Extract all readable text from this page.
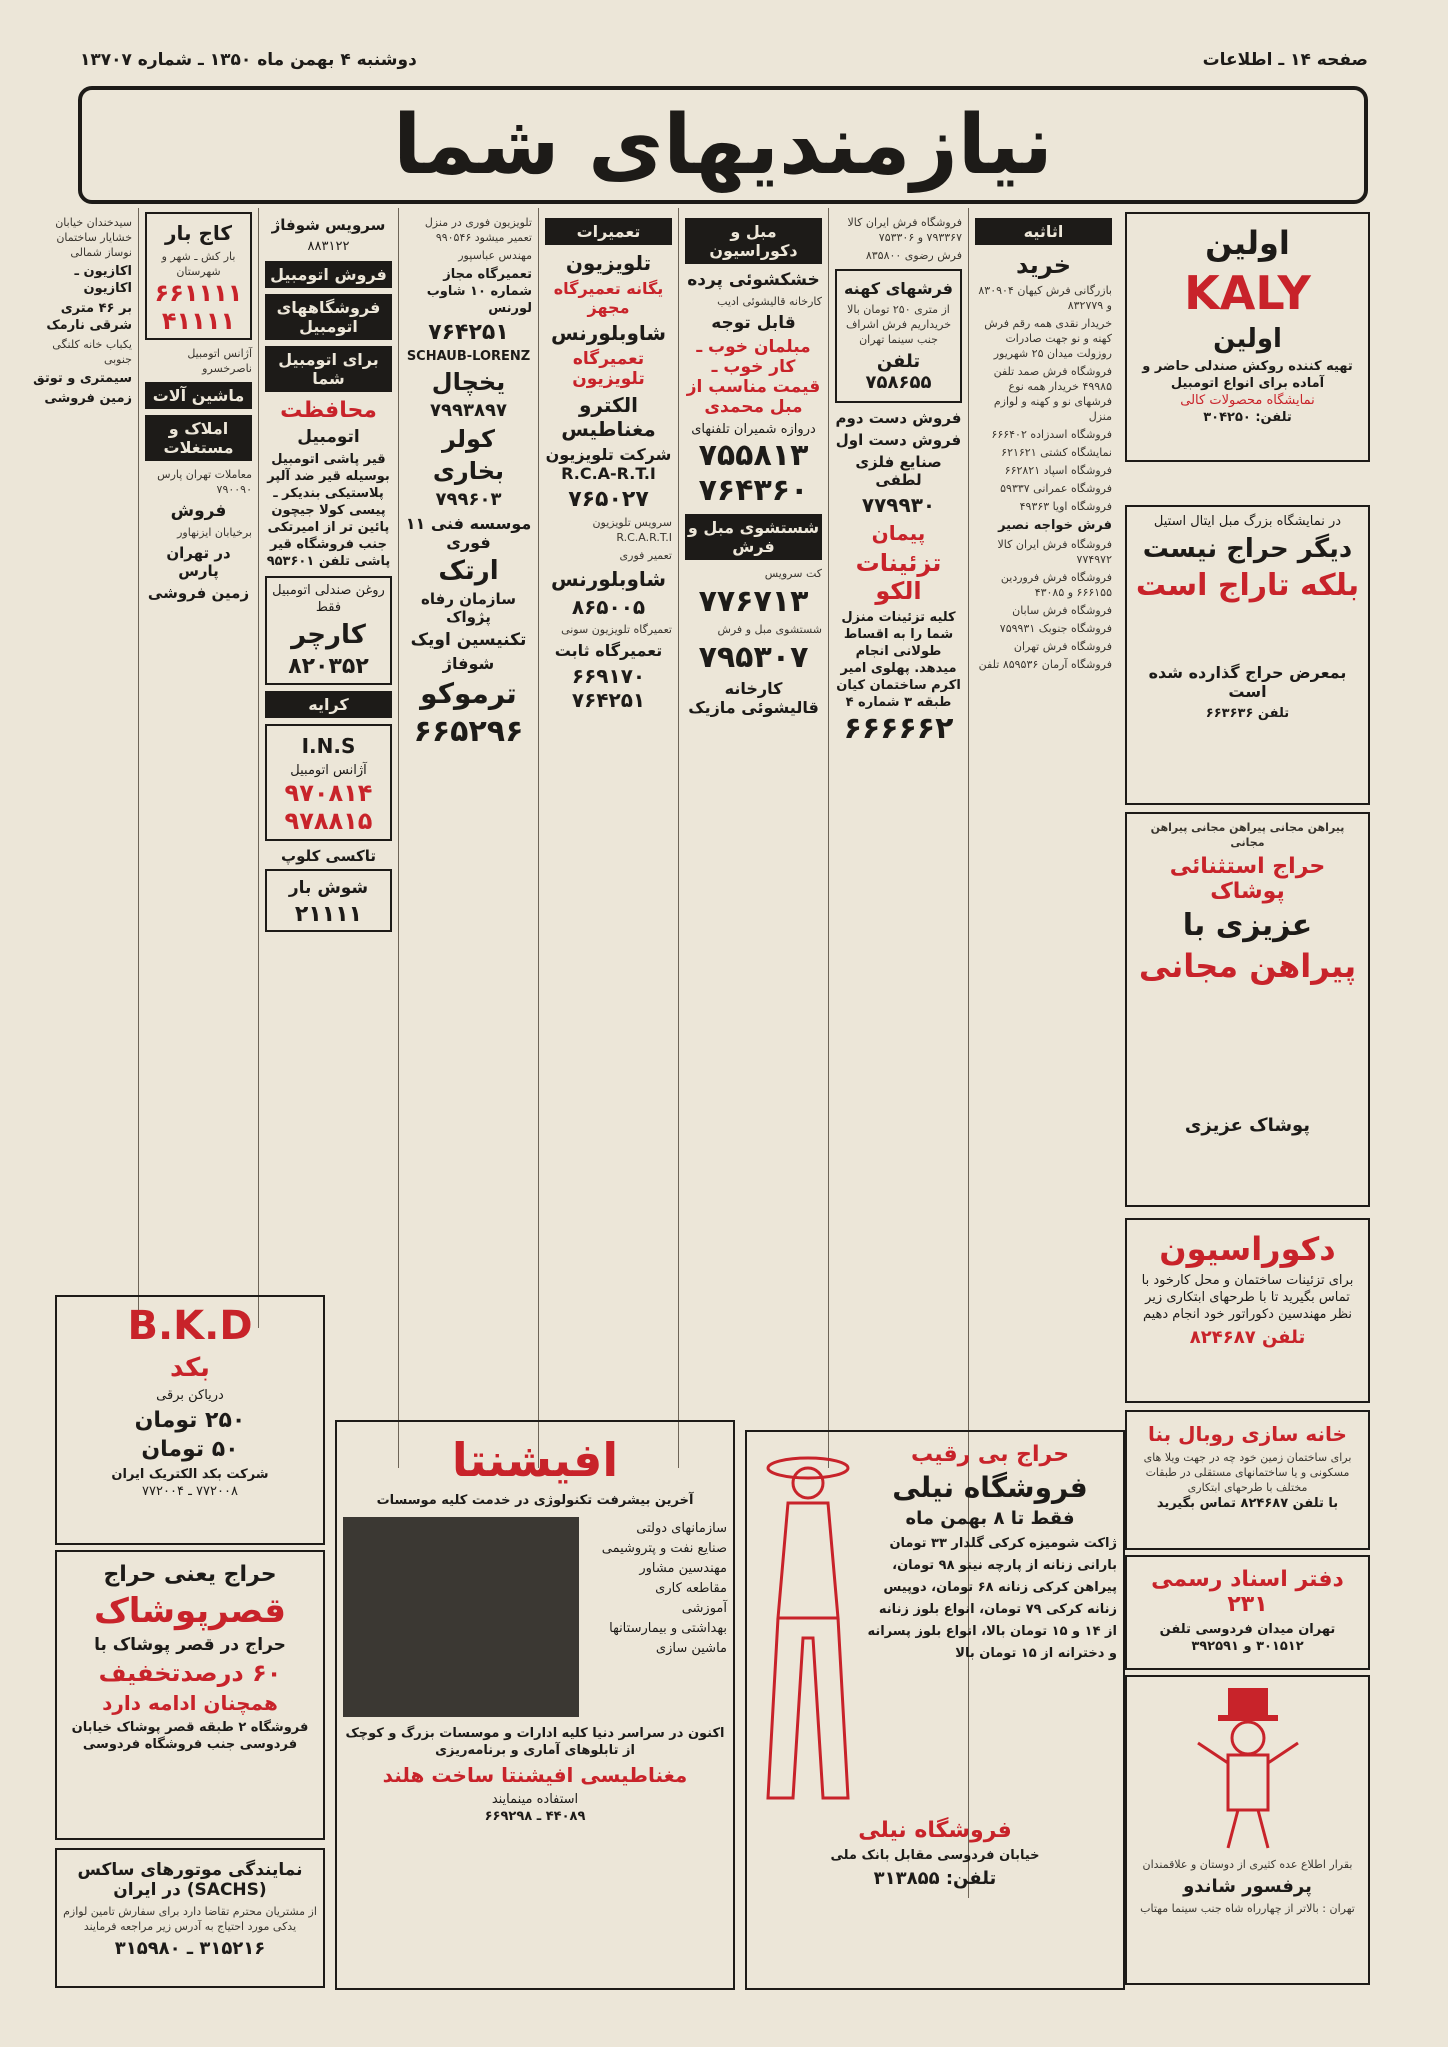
صفحه ۱۴ ـ اطلاعات
دوشنبه ۴ بهمن ماه ۱۳۵۰ ـ شماره ۱۳۷۰۷
نیازمندیهای شما
اولین
KALY
اولین
تهیه کننده روکش صندلی حاضر و آماده برای انواع اتومبیل
نمایشگاه محصولات کالی
تلفن: ۳۰۴۲۵۰
در نمایشگاه بزرگ مبل ایتال استیل
دیگر حراج نیست
بلکه تاراج است
بمعرض حراج گذارده شده است
تلفن ۶۶۳۶۳۶
پیراهن مجانی پیراهن مجانی پیراهن مجانی
حراج استثنائی پوشاک
عزیزی با
پیراهن مجانی
پوشاک عزیزی
دکوراسیون
برای تزئینات ساختمان و محل کارخود با تماس بگیرید تا با طرحهای ابتکاری زیر نظر مهندسین دکوراتور خود انجام دهیم
تلفن ۸۲۴۶۸۷
خانه سازی روبال بنا
برای ساختمان زمین خود چه در جهت ویلا های مسکونی و یا ساختمانهای مستقلی در طبقات مختلف با طرحهای ابتکاری
با تلفن ۸۲۴۶۸۷ تماس بگیرید
دفتر اسناد رسمی ۲۳۱
تهران میدان فردوسی تلفن
۳۰۱۵۱۲ و ۳۹۲۵۹۱
بقرار اطلاع عده کثیری از دوستان و علاقمندان
پرفسور شاندو
تهران : بالاتر از چهارراه شاه جنب سینما مهتاب
اثاثیه
خرید

بازرگانی فرش کیهان ۸۳۰۹۰۴ و ۸۳۲۷۷۹

خریدار نقدی همه رقم فرش کهنه و نو جهت صادرات روزولت میدان ۲۵ شهریور

فروشگاه فرش صمد تلفن ۴۹۹۸۵ خریدار همه نوع فرشهای نو و کهنه و لوازم منزل

فروشگاه اسدزاده ۶۶۶۴۰۲

نمایشگاه کشتی ۶۲۱۶۲۱

فروشگاه اسپاد ۶۶۲۸۲۱

فروشگاه عمرانی ۵۹۳۳۷

فروشگاه اویا ۴۹۳۶۳

فرش خواجه نصیر

فروشگاه فرش ایران کالا ۷۷۴۹۷۲

فروشگاه فرش فروردین ۶۶۶۱۵۵ و ۴۳۰۸۵

فروشگاه فرش سابان

فروشگاه جنوبک ۷۵۹۹۳۱

فروشگاه فرش تهران

فروشگاه آرمان ۸۵۹۵۳۶ تلفن

فروشگاه فرش ایران کالا ۷۹۳۳۶۷ و ۷۵۳۳۰۶

فرش رضوی ۸۳۵۸۰۰

فرشهای کهنه
از متری ۲۵۰ تومان بالا خریداریم فرش اشراف جنب سینما تهران
تلفن ۷۵۸۶۵۵
فروش دست دوم
فروش دست اول
صنایع فلزی لطفی
۷۷۹۹۳۰
پیمان
تزئینات الکو
کلیه تزئینات منزل شما را به اقساط طولانی انجام میدهد. پهلوی امیر اکرم ساختمان کیان طبقه ۳ شماره ۴
۶۶۶۶۶۲
مبل و دکوراسیون
خشکشوئی پرده

کارخانه قالیشوئی ادیب

قابل توجه
مبلمان خوب ـ کار خوب ـ قیمت مناسب از مبل محمدی
دروازه شمیران تلفنهای
۷۵۵۸۱۳
۷۶۴۳۶۰
شستشوی مبل و فرش

کت سرویس

۷۷۶۷۱۳

شستشوی مبل و فرش

۷۹۵۳۰۷
کارخانه قالیشوئی مازیک
تعمیرات
تلویزیون
یگانه تعمیرگاه مجهز
شاوبلورنس
تعمیرگاه تلویزیون
الکترو مغناطیس
شرکت تلویزیون R.C.A-R.T.I
۷۶۵۰۲۷

سرویس تلویزیون R.C.A.R.T.I

تعمیر فوری

شاوبلورنس
۸۶۵۰۰۵

تعمیرگاه تلویزیون سونی

تعمیرگاه ثابت
۶۶۹۱۷۰
۷۶۴۲۵۱

تلویزیون فوری در منزل تعمیر میشود ۹۹۰۵۴۶

مهندس عباسپور

تعمیرگاه مجاز شماره ۱۰ شاوب لورنس

۷۶۴۲۵۱
SCHAUB-LORENZ
یخچال
۷۹۹۳۸۹۷
کولر
بخاری
۷۹۹۶۰۳
موسسه فنی ۱۱ فوری
ارتک
سازمان رفاه پژواک
تکنیسین اویک
شوفاژ
ترموکو
۶۶۵۲۹۶
سرویس شوفاژ
۸۸۳۱۲۲
فروش اتومبیل
فروشگاههای اتومبیل
برای اتومبیل شما
محافظت
اتومبیل
قیر پاشی اتومبیل بوسیله قیر ضد آلپر پلاستیکی بندیکر ـ پیسی کولا جیچون پائین تر از امیرتکی جنب فروشگاه قیر پاشی تلفن ۹۵۳۶۰۱
روغن صندلی اتومبیل فقط
کارچر
۸۲۰۳۵۲
کرایه
I.N.S
آژانس اتومبیل
۹۷۰۸۱۴
۹۷۸۸۱۵
تاکسی کلوپ
شوش بار
۲۱۱۱۱
کاج بار
بار کش ـ شهر و شهرستان
۶۶۱۱۱۱
۴۱۱۱۱

آژانس اتومبیل ناصرخسرو

ماشین آلات
املاک و مستغلات

معاملات تهران پارس ۷۹۰۰۹۰

فروش

برخیابان ایزنهاور

در تهران پارس
زمین فروشی

سیدخندان خیابان خشایار ساختمان نوساز شمالی

اکازیون ـ اکازیون

بر ۴۶ متری شرقی نارمک

یکباب خانه کلنگی جنوبی

سیمتری و توتق

زمین فروشی

B.K.D
بکد
دریاکن برقی
۲۵۰ تومان
۵۰ تومان
شرکت بکد الکتریک ایران
۷۷۲۰۰۸ ـ ۷۷۲۰۰۴
حراج یعنی حراج
قصرپوشاک
حراج در قصر پوشاک با
۶۰ درصدتخفیف
همچنان ادامه دارد
فروشگاه ۲ طبقه قصر پوشاک خیابان فردوسی جنب فروشگاه فردوسی
نمایندگی موتورهای ساکس (SACHS) در ایران
از مشتریان محترم تقاضا دارد برای سفارش تامین لوازم یدکی مورد احتیاج به آدرس زیر مراجعه فرمایند
۳۱۵۲۱۶ ـ ۳۱۵۹۸۰
افیشنتا
آخرین بیشرفت تکنولوژی در خدمت کلیه موسسات

سازمانهای دولتی

صنایع نفت و پتروشیمی

مهندسین مشاور

مقاطعه کاری

آموزشی

بهداشتی و بیمارستانها

ماشین سازی

اکنون در سراسر دنیا کلیه ادارات و موسسات بزرگ و کوچک از تابلوهای آماری و برنامه‌ریزی
مغناطیسی افیشنتا ساخت هلند
استفاده مینمایند
۴۴۰۸۹ ـ ۶۶۹۲۹۸
حراج بی رقیب
فروشگاه نیلی
فقط تا ۸ بهمن ماه
ژاکت شومیزه کرکی گلدار ۳۳ تومان بارانی زنانه از پارچه نینو ۹۸ تومان، پیراهن کرکی زنانه ۶۸ تومان، دوپیس زنانه کرکی ۷۹ تومان، انواع بلوز زنانه از ۱۴ و ۱۵ تومان بالا، انواع بلوز پسرانه و دخترانه از ۱۵ تومان بالا
فروشگاه نیلی
خیابان فردوسی مقابل بانک ملی
تلفن: ۳۱۳۸۵۵
